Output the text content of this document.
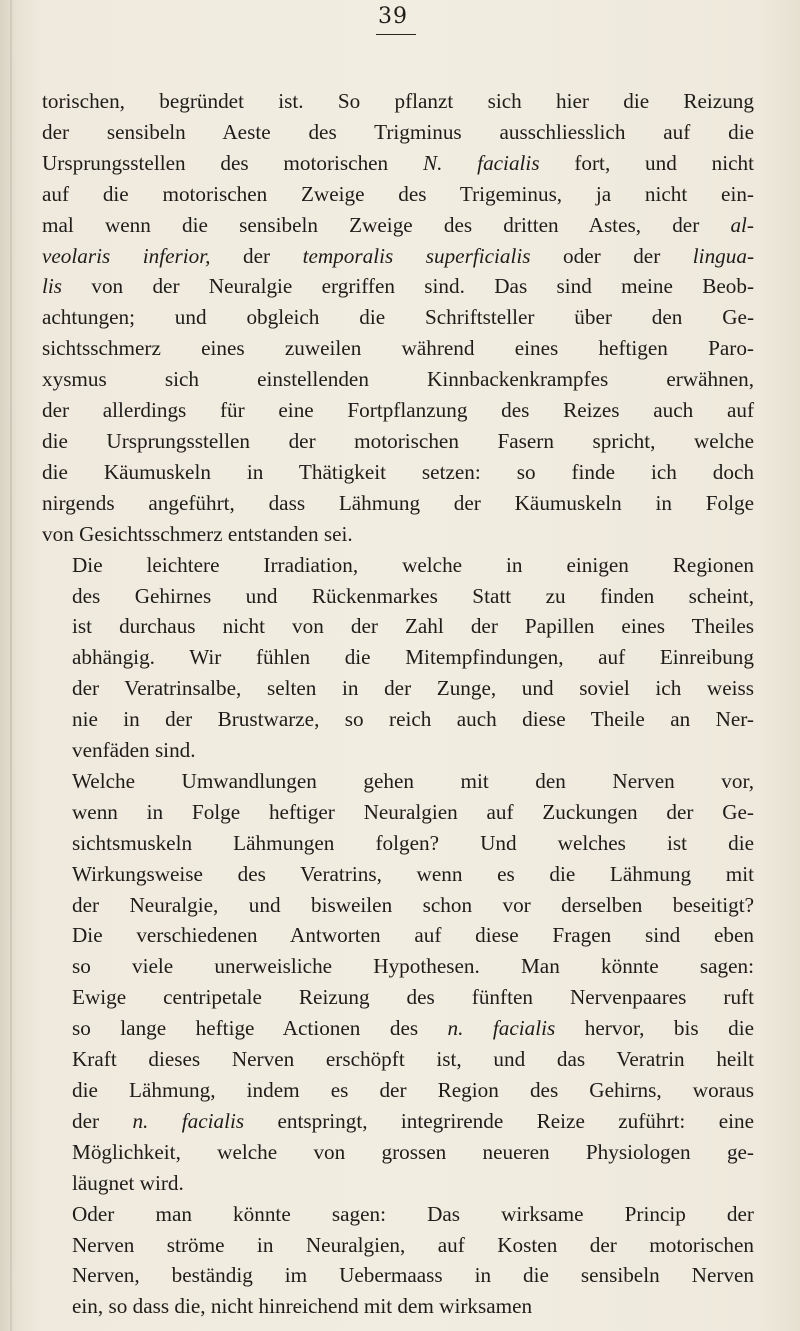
39
torischen, begründet ist. So pflanzt sich hier die Reizung
der sensibeln Aeste des Trigminus ausschliesslich auf die
Ursprungsstellen des motorischen N. facialis fort, und nicht
auf die motorischen Zweige des Trigeminus, ja nicht ein-
mal wenn die sensibeln Zweige des dritten Astes, der al-
veolaris inferior, der temporalis superficialis oder der lingua-
lis von der Neuralgie ergriffen sind. Das sind meine Beob-
achtungen; und obgleich die Schriftsteller über den Ge-
sichtsschmerz eines zuweilen während eines heftigen Paro-
xysmus sich einstellenden Kinnbackenkrampfes erwähnen,
der allerdings für eine Fortpflanzung des Reizes auch auf
die Ursprungsstellen der motorischen Fasern spricht, welche
die Käumuskeln in Thätigkeit setzen: so finde ich doch
nirgends angeführt, dass Lähmung der Käumuskeln in Folge
von Gesichtsschmerz entstanden sei.
Die leichtere Irradiation, welche in einigen Regionen
des Gehirnes und Rückenmarkes Statt zu finden scheint,
ist durchaus nicht von der Zahl der Papillen eines Theiles
abhängig. Wir fühlen die Mitempfindungen, auf Einreibung
der Veratrinsalbe, selten in der Zunge, und soviel ich weiss
nie in der Brustwarze, so reich auch diese Theile an Ner-
venfäden sind.
Welche Umwandlungen gehen mit den Nerven vor,
wenn in Folge heftiger Neuralgien auf Zuckungen der Ge-
sichtsmuskeln Lähmungen folgen? Und welches ist die
Wirkungsweise des Veratrins, wenn es die Lähmung mit
der Neuralgie, und bisweilen schon vor derselben beseitigt?
Die verschiedenen Antworten auf diese Fragen sind eben
so viele unerweisliche Hypothesen. Man könnte sagen:
Ewige centripetale Reizung des fünften Nervenpaares ruft
so lange heftige Actionen des n. facialis hervor, bis die
Kraft dieses Nerven erschöpft ist, und das Veratrin heilt
die Lähmung, indem es der Region des Gehirns, woraus
der n. facialis entspringt, integrirende Reize zuführt: eine
Möglichkeit, welche von grossen neueren Physiologen ge-
läugnet wird.
Oder man könnte sagen: Das wirksame Princip der
Nerven ströme in Neuralgien, auf Kosten der motorischen
Nerven, beständig im Uebermaass in die sensibeln Nerven
ein, so dass die, nicht hinreichend mit dem wirksamen
